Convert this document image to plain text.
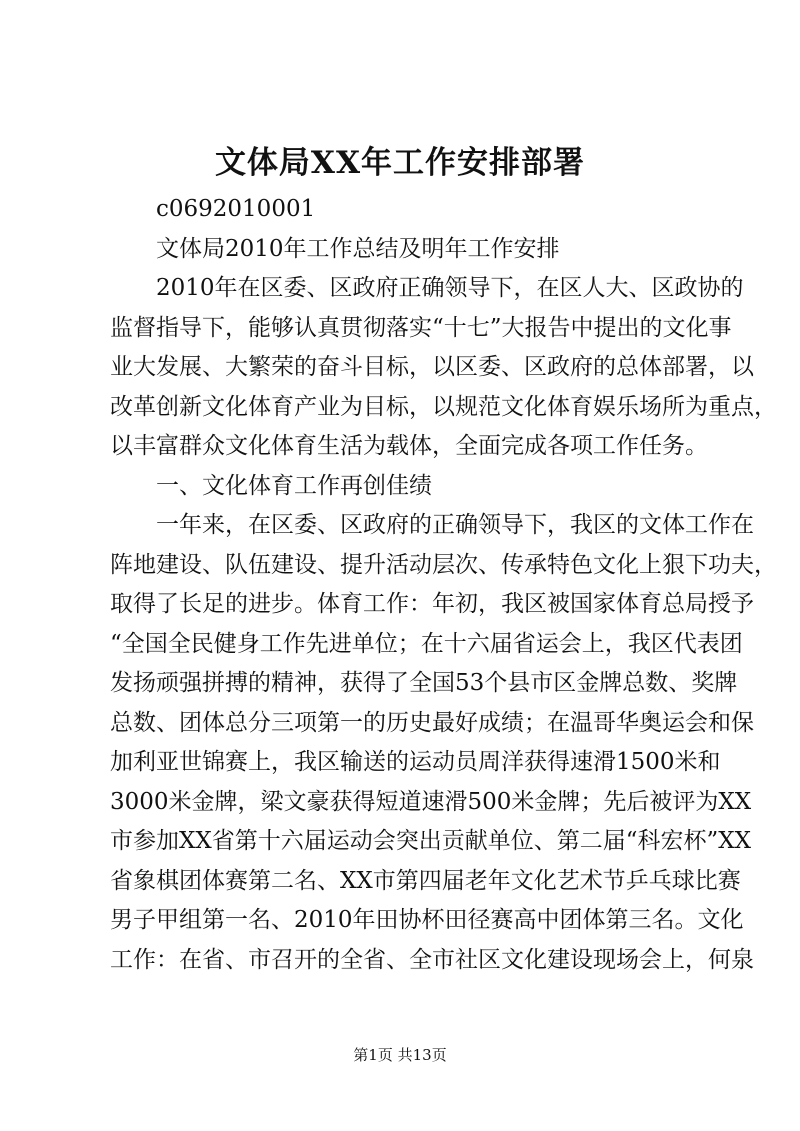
文体局XX年工作安排部署
c0692010001
文体局2010年工作总结及明年工作安排
2010年在区委、区政府正确领导下，在区人大、区政协的
监督指导下，能够认真贯彻落实“十七”大报告中提出的文化事
业大发展、大繁荣的奋斗目标，以区委、区政府的总体部署，以
改革创新文化体育产业为目标，以规范文化体育娱乐场所为重点，
以丰富群众文化体育生活为载体，全面完成各项工作任务。
一、文化体育工作再创佳绩
一年来，在区委、区政府的正确领导下，我区的文体工作在
阵地建设、队伍建设、提升活动层次、传承特色文化上狠下功夫，
取得了长足的进步。体育工作：年初，我区被国家体育总局授予
“全国全民健身工作先进单位；在十六届省运会上，我区代表团
发扬顽强拼搏的精神，获得了全国53个县市区金牌总数、奖牌
总数、团体总分三项第一的历史最好成绩；在温哥华奥运会和保
加利亚世锦赛上，我区输送的运动员周洋获得速滑1500米和
3000米金牌，梁文豪获得短道速滑500米金牌；先后被评为XX
市参加XX省第十六届运动会突出贡献单位、第二届“科宏杯”XX
省象棋团体赛第二名、XX市第四届老年文化艺术节乒乓球比赛
男子甲组第一名、2010年田协杯田径赛高中团体第三名。文化
工作：在省、市召开的全省、全市社区文化建设现场会上，何泉
第1页 共13页
